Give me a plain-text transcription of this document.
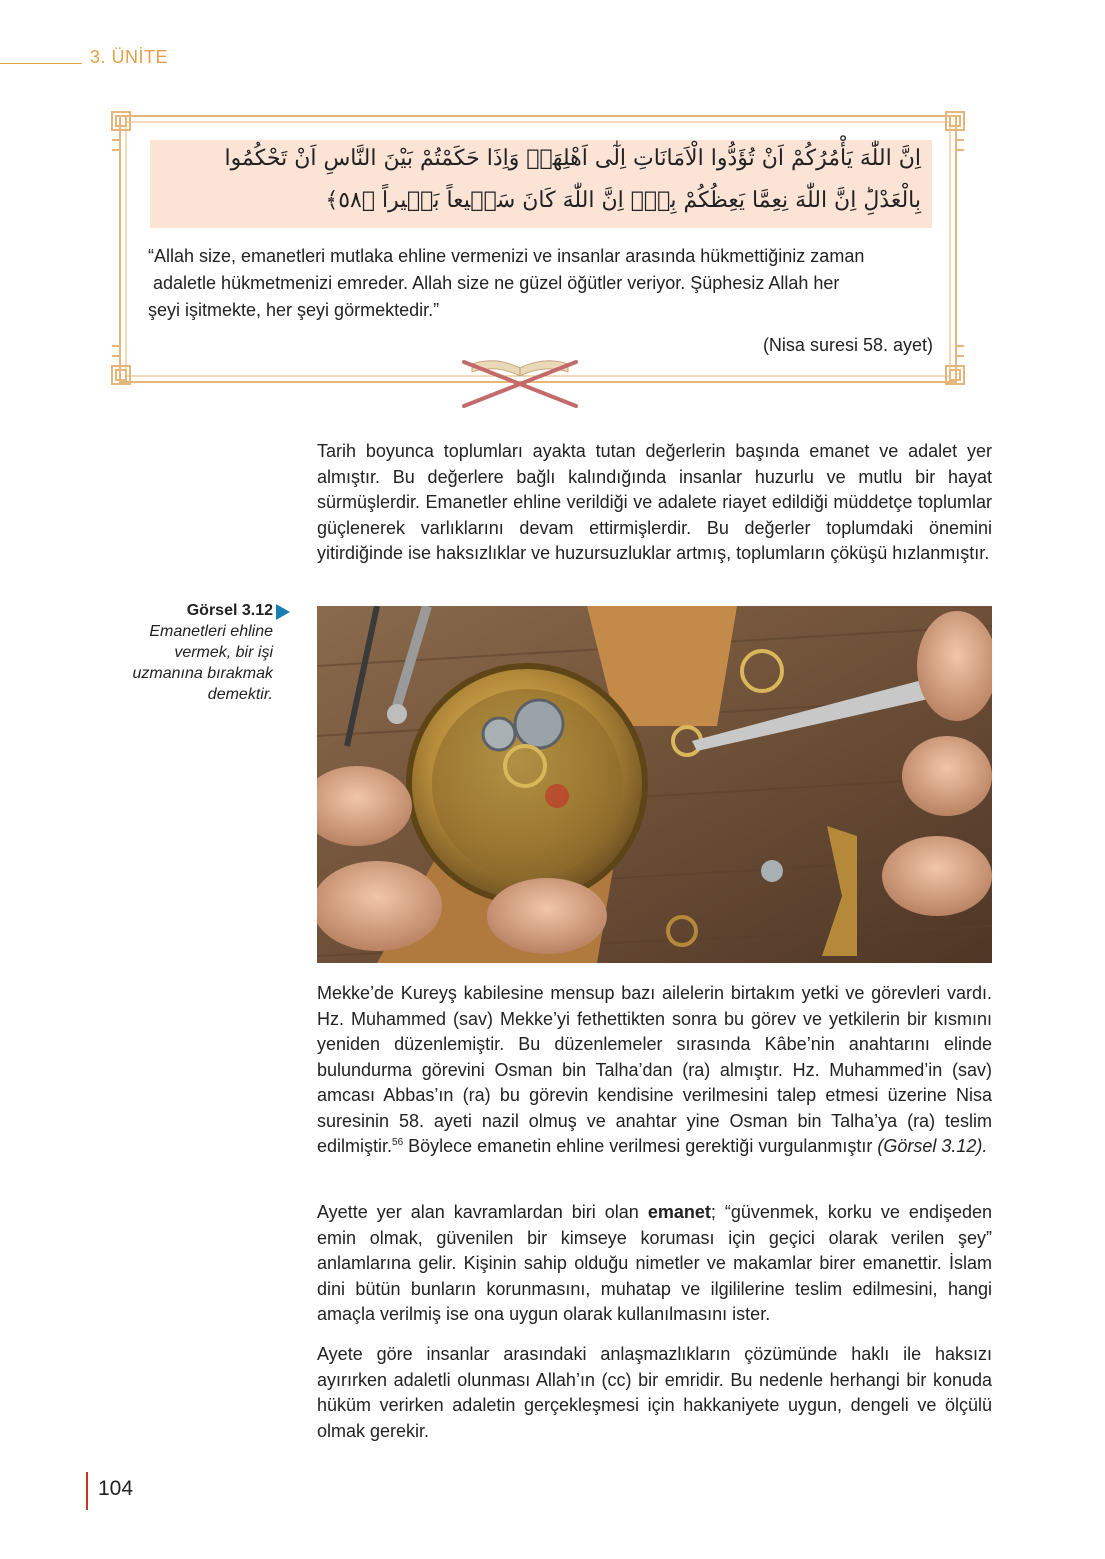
3. ÜNİTE
اِنَّ اللّٰهَ يَأْمُرُكُمْ اَنْ تُؤَدُّوا الْاَمَانَاتِ اِلٰٓى اَهْلِهَاۙ وَاِذَا حَكَمْتُمْ بَيْنَ النَّاسِ اَنْ تَحْكُمُوا
بِالْعَدْلِؕ اِنَّ اللّٰهَ نِعِمَّا يَعِظُكُمْ بِهٖؕ اِنَّ اللّٰهَ كَانَ سَم۪يعاً بَص۪يراً ﴿٥٨﴾

“Allah size, emanetleri mutlaka ehline vermenizi ve insanlar arasında hükmettiğiniz zaman

adaletle hükmetmenizi emreder. Allah size ne güzel öğütler veriyor. Şüphesiz Allah her

şeyi işitmekte, her şeyi görmektedir.”

(Nisa suresi 58. ayet)

Tarih boyunca toplumları ayakta tutan değerlerin başında emanet ve adalet yer almıştır. Bu değerlere bağlı kalındığında insanlar huzurlu ve mutlu bir hayat sürmüşlerdir. Emanetler ehline verildiği ve adalete riayet edildiği müddetçe toplumlar güçlenerek varlıklarını devam ettirmişlerdir. Bu değerler toplumdaki önemini yitirdiğinde ise haksızlıklar ve huzursuzluklar artmış, toplumların çöküşü hızlanmıştır.

Görsel 3.12
Emanetleri ehline vermek, bir işi uzmanına bırakmak demektir.

Mekke’de Kureyş kabilesine mensup bazı ailelerin birtakım yetki ve görevleri vardı. Hz. Muhammed (sav) Mekke’yi fethettikten sonra bu görev ve yetkilerin bir kısmını yeniden düzenlemiştir. Bu düzenlemeler sırasında Kâbe’nin anahtarını elinde bulundurma görevini Osman bin Talha’dan (ra) almıştır. Hz. Muhammed’in (sav) amcası Abbas’ın (ra) bu görevin kendisine verilmesini talep etmesi üzerine Nisa suresinin 58. ayeti nazil olmuş ve anahtar yine Osman bin Talha’ya (ra) teslim edilmiştir.$^{56}$ Böylece emanetin ehline verilmesi gerektiği vurgulanmıştır (Görsel 3.12).

Ayette yer alan kavramlardan biri olan emanet; “güvenmek, korku ve endişeden emin olmak, güvenilen bir kimseye koruması için geçici olarak verilen şey” anlamlarına gelir. Kişinin sahip olduğu nimetler ve makamlar birer emanettir. İslam dini bütün bunların korunmasını, muhatap ve ilgililerine teslim edilmesini, hangi amaçla verilmiş ise ona uygun olarak kullanılmasını ister.

Ayete göre insanlar arasındaki anlaşmazlıkların çözümünde haklı ile haksızı ayırırken adaletli olunması Allah’ın (cc) bir emridir. Bu nedenle herhangi bir konuda hüküm verirken adaletin gerçekleşmesi için hakkaniyete uygun, dengeli ve ölçülü olmak gerekir.

104
